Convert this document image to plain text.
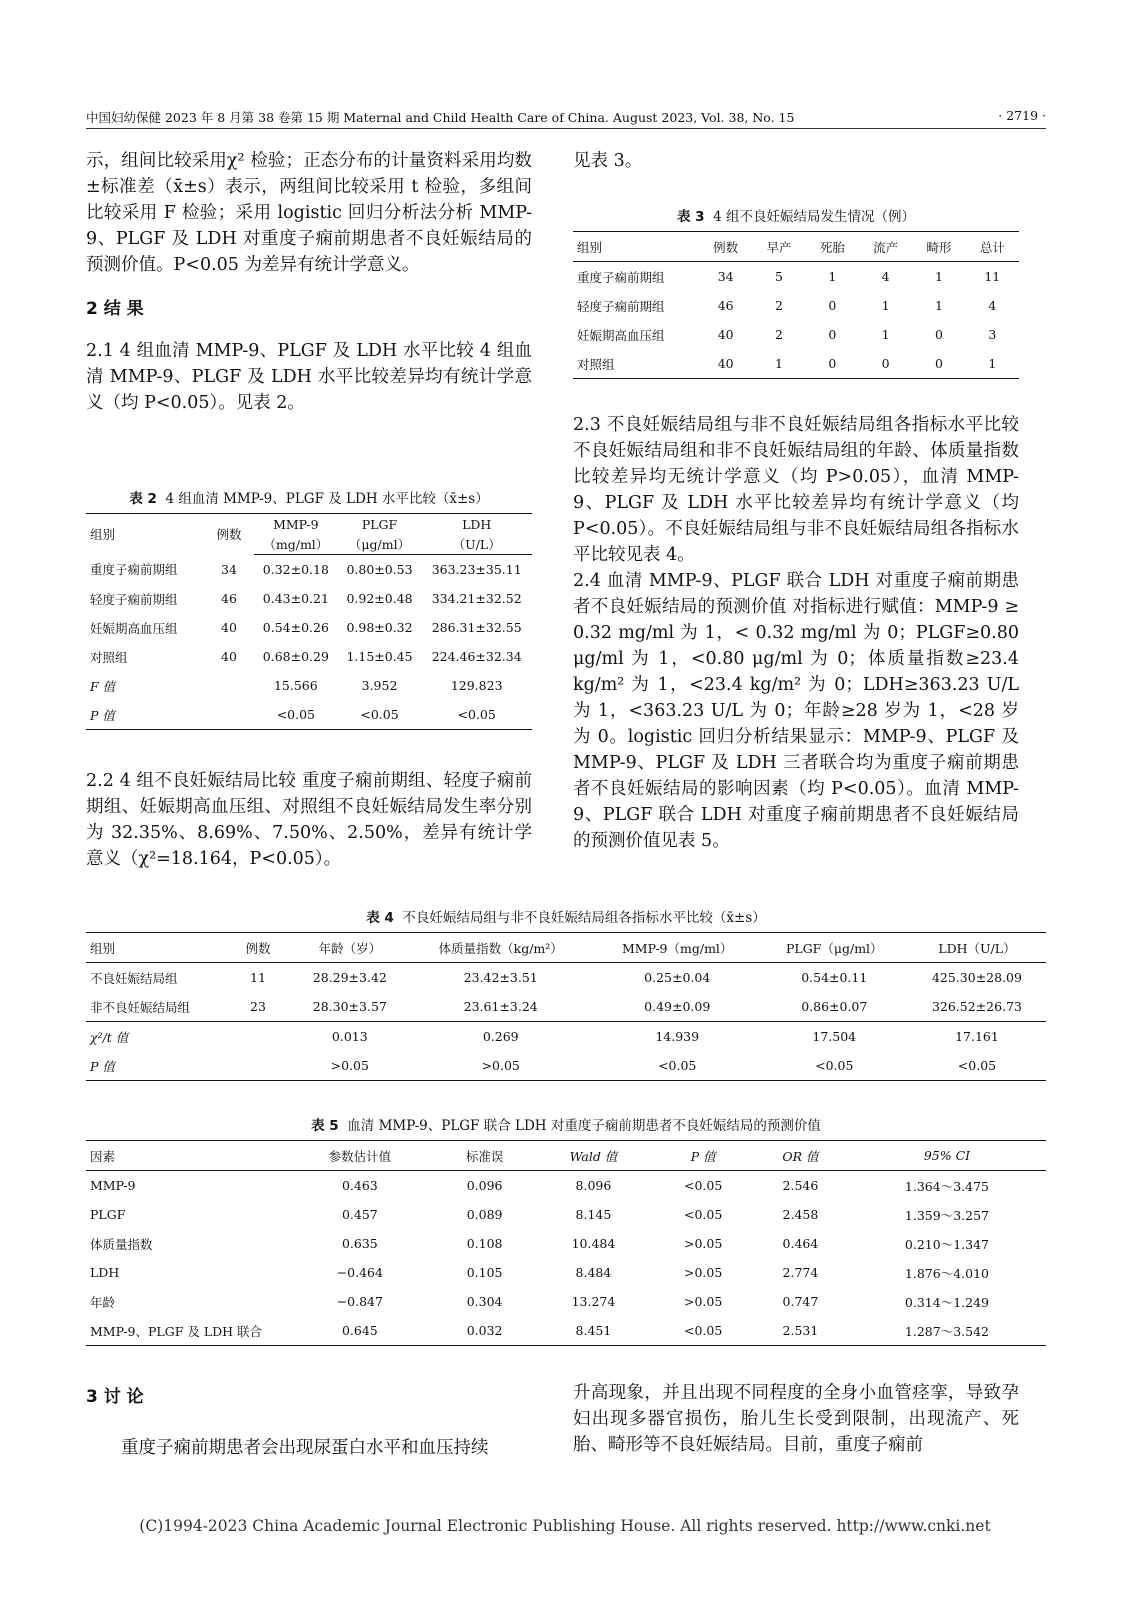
中国妇幼保健 2023 年 8 月第 38 卷第 15 期 Maternal and Child Health Care of China. August 2023, Vol. 38, No. 15	· 2719 ·

示，组间比较采用χ² 检验；正态分布的计量资料采用均数±标准差（x̄±s）表示，两组间比较采用 t 检验，多组间比较采用 F 检验；采用 logistic 回归分析法分析 MMP-9、PLGF 及 LDH 对重度子痫前期患者不良妊娠结局的预测价值。P<0.05 为差异有统计学意义。

2 结 果

2.1 4 组血清 MMP-9、PLGF 及 LDH 水平比较 4 组血清 MMP-9、PLGF 及 LDH 水平比较差异均有统计学意义（均 P<0.05）。见表 2。

表 2 4 组血清 MMP-9、PLGF 及 LDH 水平比较（x̄±s）
组别	例数	MMP-9	PLGF	LDH
		（mg/ml）	（μg/ml）	（U/L）
重度子痫前期组	34	0.32±0.18	0.80±0.53	363.23±35.11
轻度子痫前期组	46	0.43±0.21	0.92±0.48	334.21±32.52
妊娠期高血压组	40	0.54±0.26	0.98±0.32	286.31±32.55
对照组	40	0.68±0.29	1.15±0.45	224.46±32.34
F 值		15.566	3.952	129.823
P 值		<0.05	<0.05	<0.05

2.2 4 组不良妊娠结局比较 重度子痫前期组、轻度子痫前期组、妊娠期高血压组、对照组不良妊娠结局发生率分别为 32.35%、8.69%、7.50%、2.50%，差异有统计学意义（χ²=18.164，P<0.05）。

见表 3。

表 3 4 组不良妊娠结局发生情况（例）
组别	例数	早产	死胎	流产	畸形	总计
重度子痫前期组	34	5	1	4	1	11
轻度子痫前期组	46	2	0	1	1	4
妊娠期高血压组	40	2	0	1	0	3
对照组	40	1	0	0	0	1

2.3 不良妊娠结局组与非不良妊娠结局组各指标水平比较 不良妊娠结局组和非不良妊娠结局组的年龄、体质量指数比较差异均无统计学意义（均 P>0.05），血清 MMP-9、PLGF 及 LDH 水平比较差异均有统计学意义（均 P<0.05）。不良妊娠结局组与非不良妊娠结局组各指标水平比较见表 4。

2.4 血清 MMP-9、PLGF 联合 LDH 对重度子痫前期患者不良妊娠结局的预测价值 对指标进行赋值：MMP-9 ≥ 0.32 mg/ml 为 1，< 0.32 mg/ml 为 0；PLGF≥0.80 μg/ml 为 1，<0.80 μg/ml 为 0；体质量指数≥23.4 kg/m² 为 1，<23.4 kg/m² 为 0；LDH≥363.23 U/L 为 1，<363.23 U/L 为 0；年龄≥28 岁为 1，<28 岁为 0。logistic 回归分析结果显示：MMP-9、PLGF 及 MMP-9、PLGF 及 LDH 三者联合均为重度子痫前期患者不良妊娠结局的影响因素（均 P<0.05）。血清 MMP-9、PLGF 联合 LDH 对重度子痫前期患者不良妊娠结局的预测价值见表 5。

表 4 不良妊娠结局组与非不良妊娠结局组各指标水平比较（x̄±s）
组别	例数	年龄（岁）	体质量指数（kg/m²）	MMP-9（mg/ml）	PLGF（μg/ml）	LDH（U/L）
不良妊娠结局组	11	28.29±3.42	23.42±3.51	0.25±0.04	0.54±0.11	425.30±28.09
非不良妊娠结局组	23	28.30±3.57	23.61±3.24	0.49±0.09	0.86±0.07	326.52±26.73
χ²/t 值		0.013	0.269	14.939	17.504	17.161
P 值		>0.05	>0.05	<0.05	<0.05	<0.05
表 5 血清 MMP-9、PLGF 联合 LDH 对重度子痫前期患者不良妊娠结局的预测价值
因素	参数估计值	标准误	Wald 值	P 值	OR 值	95% CI
MMP-9	0.463	0.096	8.096	<0.05	2.546	1.364～3.475
PLGF	0.457	0.089	8.145	<0.05	2.458	1.359～3.257
体质量指数	0.635	0.108	10.484	>0.05	0.464	0.210～1.347
LDH	−0.464	0.105	8.484	>0.05	2.774	1.876～4.010
年龄	−0.847	0.304	13.274	>0.05	0.747	0.314～1.249
MMP-9、PLGF 及 LDH 联合	0.645	0.032	8.451	<0.05	2.531	1.287～3.542
3 讨 论

重度子痫前期患者会出现尿蛋白水平和血压持续

升高现象，并且出现不同程度的全身小血管痉挛，导致孕妇出现多器官损伤，胎儿生长受到限制，出现流产、死胎、畸形等不良妊娠结局。目前，重度子痫前

(C)1994-2023 China Academic Journal Electronic Publishing House. All rights reserved. http://www.cnki.net
